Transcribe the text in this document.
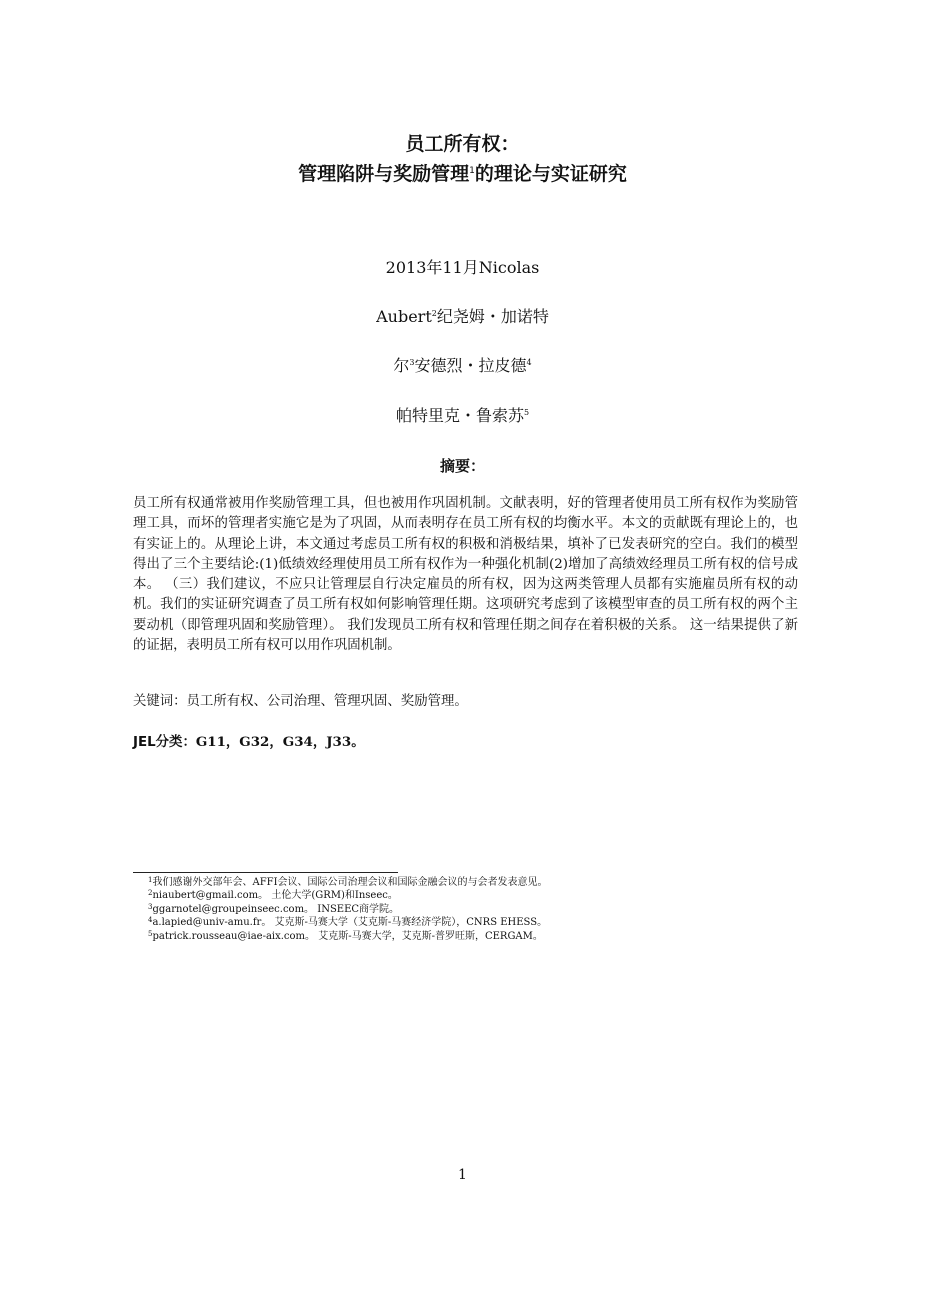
员工所有权：
管理陷阱与奖励管理$^1$的理论与实证研究
2013年11月Nicolas
Aubert$^2$纪尧姆・加诺特
尔$^3$安德烈・拉皮德$^4$
帕特里克・鲁索苏$^5$
摘要：
员工所有权通常被用作奖励管理工具，但也被用作巩固机制。文献表明，好的管理者使用员工所有权作为奖励管理工具，而坏的管理者实施它是为了巩固，从而表明存在员工所有权的均衡水平。本文的贡献既有理论上的，也有实证上的。从理论上讲，本文通过考虑员工所有权的积极和消极结果，填补了已发表研究的空白。我们的模型得出了三个主要结论:(1)低绩效经理使用员工所有权作为一种强化机制(2)增加了高绩效经理员工所有权的信号成本。 （三）我们建议，不应只让管理层自行决定雇员的所有权，因为这两类管理人员都有实施雇员所有权的动机。我们的实证研究调查了员工所有权如何影响管理任期。这项研究考虑到了该模型审查的员工所有权的两个主要动机（即管理巩固和奖励管理）。 我们发现员工所有权和管理任期之间存在着积极的关系。 这一结果提供了新的证据，表明员工所有权可以用作巩固机制。
关键词：员工所有权、公司治理、管理巩固、奖励管理。
JEL分类：G11，G32，G34，J33。
$^1$我们感谢外交部年会、AFFI会议、国际公司治理会议和国际金融会议的与会者发表意见。
$^2$niaubert@gmail.com。 土伦大学(GRM)和Inseec。
$^3$ggarnotel@groupeinseec.com。 INSEEC商学院。
$^4$a.lapied@univ-amu.fr。 艾克斯-马赛大学（艾克斯-马赛经济学院），CNRS EHESS。
$^5$patrick.rousseau@iae-aix.com。 艾克斯-马赛大学，艾克斯-普罗旺斯，CERGAM。
1
